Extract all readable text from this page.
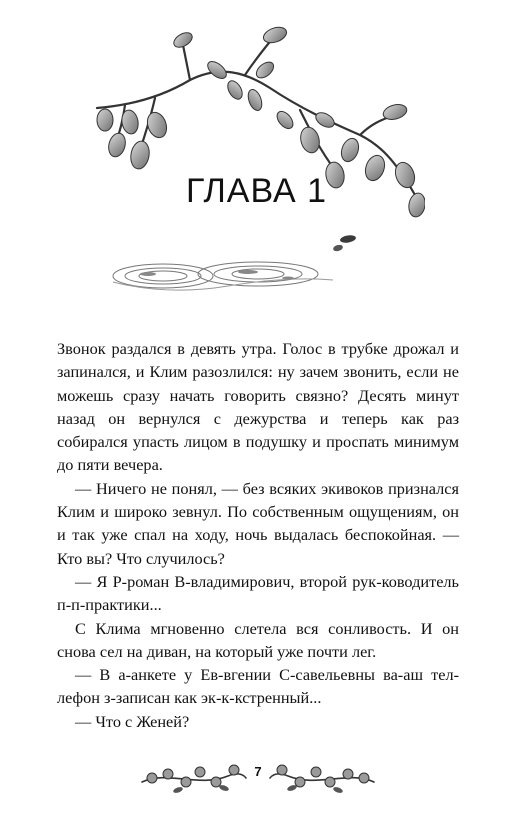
ГЛАВА 1

Звонок раздался в девять утра. Голос в трубке дрожал и запинался, и Клим разозлился: ну зачем звонить, если не можешь сразу начать говорить связно? Десять минут назад он вернулся с дежурства и теперь как раз собирался упасть лицом в подушку и проспать минимум до пяти вечера.

— Ничего не понял, — без всяких экивоков признался Клим и широко зевнул. По собственным ощущениям, он и так уже спал на ходу, ночь выдалась беспокойная. — Кто вы? Что случилось?

— Я Р-роман В-владимирович, второй рук-ководитель п-п-практики...

С Клима мгновенно слетела вся сонливость. И он снова сел на диван, на который уже почти лег.

— В а-анкете у Ев-вгении С-савельевны ва-аш тел-лефон з-записан как эк-к-кстренный...

— Что с Женей?

7
